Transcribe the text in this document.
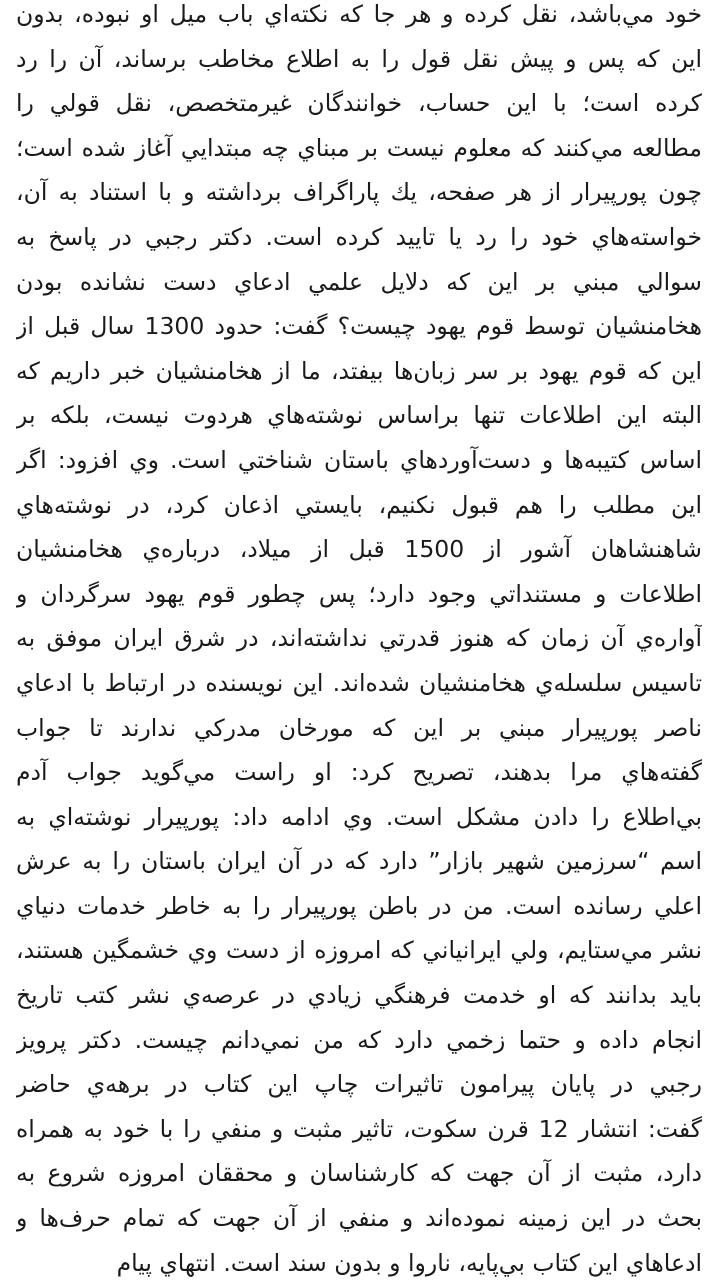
خود مي‌باشد، نقل كرده و هر جا كه نكته‌اي باب ميل او نبوده، بدون
اين كه پس و پيش نقل قول را به اطلاع مخاطب برساند، آن را رد
كرده است؛ با اين حساب، خوانندگان غيرمتخصص، نقل قولي را
مطالعه مي‌كنند كه معلوم نيست بر مبناي چه مبتدايي آغاز شده است؛
چون پورپيرار از هر صفحه، يك پاراگراف برداشته و با استناد به آن،
خواسته‌هاي خود را رد يا تاييد كرده است. دكتر رجبي در پاسخ به
سوالي مبني بر اين كه دلايل علمي ادعاي دست نشانده بودن
هخامنشيان توسط قوم يهود چيست؟ گفت: حدود 1300 سال قبل از
اين كه قوم يهود بر سر زبان‌ها بيفتد، ما از هخامنشيان خبر داريم كه
البته اين اطلاعات تنها براساس نوشته‌هاي هردوت نيست، بلكه بر
اساس كتيبه‌ها و دست‌آوردهاي باستان شناختي است. وي افزود: اگر
اين مطلب را هم قبول نكنيم، بايستي اذعان كرد، در نوشته‌هاي
شاهنشاهان آشور از 1500 قبل از ميلاد، درباره‌ي هخامنشيان
اطلاعات و مستنداتي وجود دارد؛ پس چطور قوم يهود سرگردان و
آواره‌ي آن زمان كه هنوز قدرتي نداشته‌اند، در شرق ايران موفق به
تاسيس سلسله‌ي هخامنشيان شده‌اند. اين نويسنده در ارتباط با ادعاي
ناصر پورپيرار مبني بر اين كه مورخان مدركي ندارند تا جواب
گفته‌هاي مرا بدهند، تصريح كرد: او راست مي‌گويد جواب آدم
بي‌اطلاع را دادن مشكل است. وي ادامه داد: پورپيرار نوشته‌اي به
اسم “سرزمين شهير بازار” دارد كه در آن ايران باستان را به عرش
اعلي رسانده است. من در باطن پورپيرار را به خاطر خدمات دنياي
نشر مي‌ستايم، ولي ايرانياني كه امروزه از دست وي خشمگين هستند،
بايد بدانند كه او خدمت فرهنگي زيادي در عرصه‌ي نشر كتب تاريخ
انجام داده و حتما زخمي دارد كه من نمي‌دانم چيست. دكتر پرويز
رجبي در پايان پيرامون تاثيرات چاپ اين كتاب در برهه‌ي حاضر
گفت: انتشار 12 قرن سكوت، تاثير مثبت و منفي را با خود به همراه
دارد، مثبت از آن جهت كه كارشناسان و محققان امروزه شروع به
بحث در اين زمينه نموده‌اند و منفي از آن جهت كه تمام حرف‌ها و
ادعاهاي اين كتاب بي‌پايه، ناروا و بدون سند است. انتهاي پيام
